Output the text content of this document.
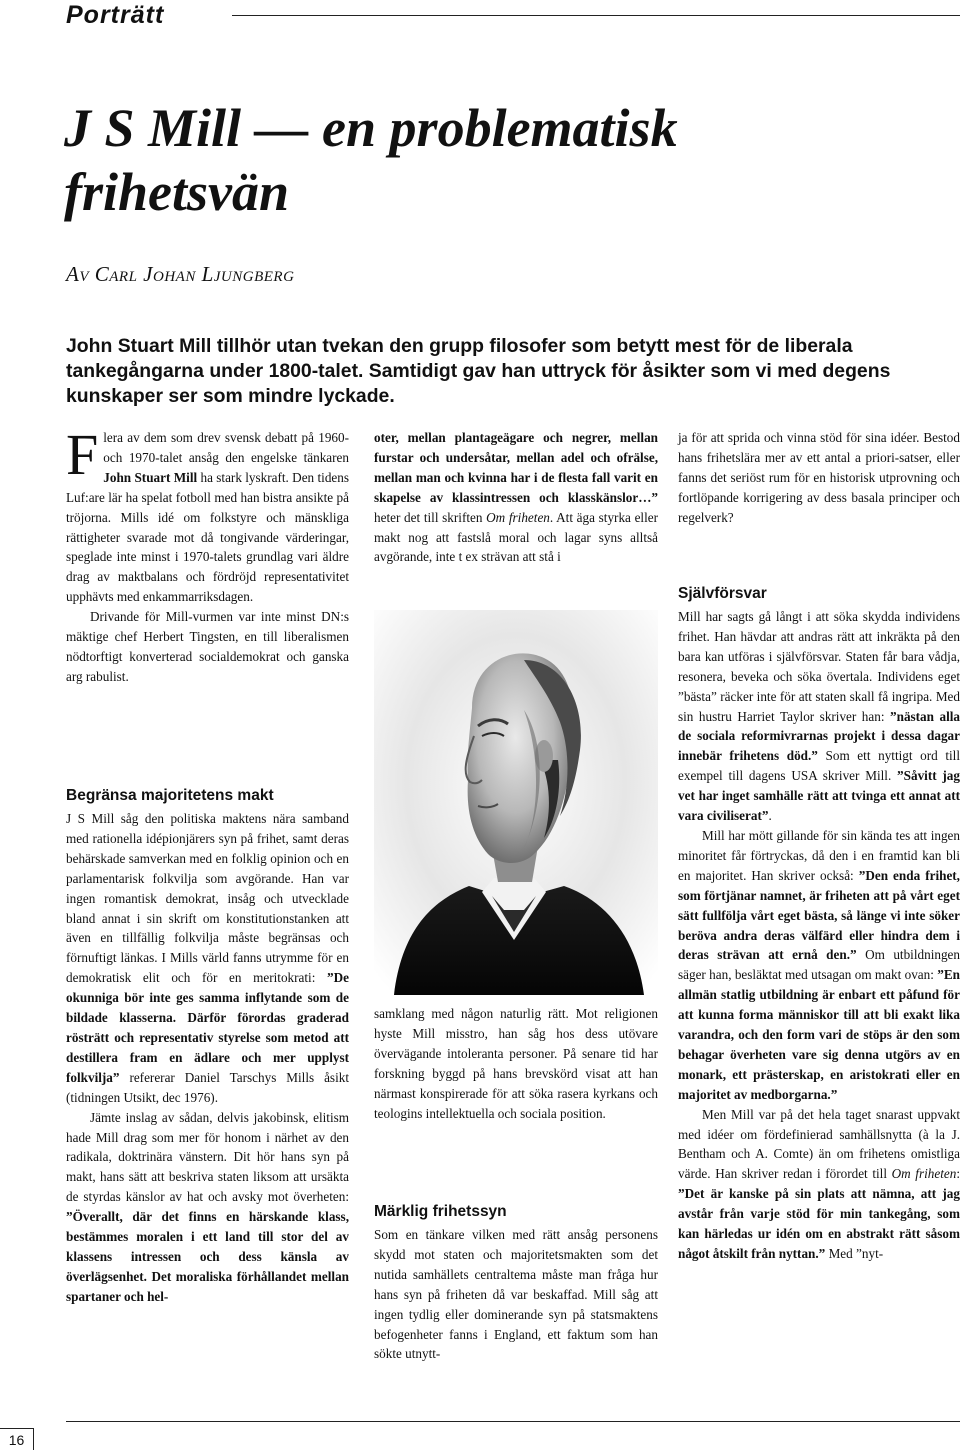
Porträtt
J S Mill — en problematisk
frihetsvän
Av Carl Johan Ljungberg

John Stuart Mill tillhör utan tvekan den grupp filosofer som betytt mest för de liberala tankegångarna under 1800-talet. Samtidigt gav han uttryck för åsikter som vi med degens kunskaper ser som mindre lyckade.

Flera av dem som drev svensk debatt på 1960- och 1970-talet ansåg den engelske tänkaren John Stuart Mill ha stark lyskraft. Den tidens Luf:are lär ha spelat fotboll med han bistra ansikte på tröjorna. Mills idé om folkstyre och mänskliga rättigheter svarade mot då tongivande värderingar, speglade inte minst i 1970-talets grundlag vari äldre drag av maktbalans och fördröjd representativitet upphävts med enkammarriksdagen.

Drivande för Mill-vurmen var inte minst DN:s mäktige chef Herbert Tingsten, en till liberalismen nödtorftigt konverterad socialdemokrat och ganska arg rabulist.

Begränsa majoritetens makt

J S Mill såg den politiska maktens nära samband med rationella idépionjärers syn på frihet, samt deras behärskade samverkan med en folklig opinion och en parlamentarisk folkvilja som avgörande. Han var ingen romantisk demokrat, insåg och utvecklade bland annat i sin skrift om konstitutionstanken att även en tillfällig folkvilja måste begränsas och förnuftigt länkas. I Mills värld fanns utrymme för en demokratisk elit och för en meritokrati: ”De okunniga bör inte ges samma inflytande som de bildade klasserna. Därför förordas graderad rösträtt och representativ styrelse som metod att destillera fram en ädlare och mer upplyst folkvilja” refererar Daniel Tarschys Mills åsikt (tidningen Utsikt, dec 1976).

Jämte inslag av sådan, delvis jakobinsk, elitism hade Mill drag som mer för honom i närhet av den radikala, doktrinära vänstern. Dit hör hans syn på makt, hans sätt att beskriva staten liksom att ursäkta de styrdas känslor av hat och avsky mot överheten: ”Överallt, där det finns en härskande klass, bestämmes moralen i ett land till stor del av klassens intressen och dess känsla av överlägsenhet. Det moraliska förhållandet mellan spartaner och hel-

oter, mellan plantageägare och negrer, mellan furstar och undersåtar, mellan adel och ofrälse, mellan man och kvinna har i de flesta fall varit en skapelse av klassintressen och klasskänslor…” heter det till skriften Om friheten. Att äga styrka eller makt nog att fastslå moral och lagar syns alltså avgörande, inte t ex strävan att stå i

samklang med någon naturlig rätt. Mot religionen hyste Mill misstro, han såg hos dess utövare övervägande intoleranta personer. På senare tid har forskning byggd på hans brevskörd visat att han närmast konspirerade för att söka rasera kyrkans och teologins intellektuella och sociala position.

Märklig frihetssyn

Som en tänkare vilken med rätt ansåg personens skydd mot staten och majoritetsmakten som det nutida samhällets centraltema måste man fråga hur hans syn på friheten då var beskaffad. Mill såg att ingen tydlig eller dominerande syn på statsmaktens befogenheter fanns i England, ett faktum som han sökte utnytt-

ja för att sprida och vinna stöd för sina idéer. Bestod hans frihetslära mer av ett antal a priori-satser, eller fanns det seriöst rum för en historisk utprovning och fortlöpande korrigering av dess basala principer och regelverk?

Självförsvar

Mill har sagts gå långt i att söka skydda individens frihet. Han hävdar att andras rätt att inkräkta på den bara kan utföras i självförsvar. Staten får bara vådja, resonera, beveka och söka övertala. Individens eget ”bästa” räcker inte för att staten skall få ingripa. Med sin hustru Harriet Taylor skriver han: ”nästan alla de sociala reformivrarnas projekt i dessa dagar innebär frihetens död.” Som ett nyttigt ord till exempel till dagens USA skriver Mill. ”Såvitt jag vet har inget samhälle rätt att tvinga ett annat att vara civiliserat”.

Mill har mött gillande för sin kända tes att ingen minoritet får förtryckas, då den i en framtid kan bli en majoritet. Han skriver också: ”Den enda frihet, som förtjänar namnet, är friheten att på vårt eget sätt fullfölja vårt eget bästa, så länge vi inte söker beröva andra deras välfärd eller hindra dem i deras strävan att ernå den.” Om utbildningen säger han, besläktat med utsagan om makt ovan: ”En allmän statlig utbildning är enbart ett påfund för att kunna forma människor till att bli exakt lika varandra, och den form vari de stöps är den som behagar överheten vare sig denna utgörs av en monark, ett prästerskap, en aristokrati eller en majoritet av medborgarna.”

Men Mill var på det hela taget snarast uppvakt med idéer om fördefinierad samhällsnytta (à la J. Bentham och A. Comte) än om frihetens omistliga värde. Han skriver redan i förordet till Om friheten: ”Det är kanske på sin plats att nämna, att jag avstår från varje stöd för min tankegång, som kan härledas ur idén om en abstrakt rätt såsom något åtskilt från nyttan.” Med ”nyt-

16
